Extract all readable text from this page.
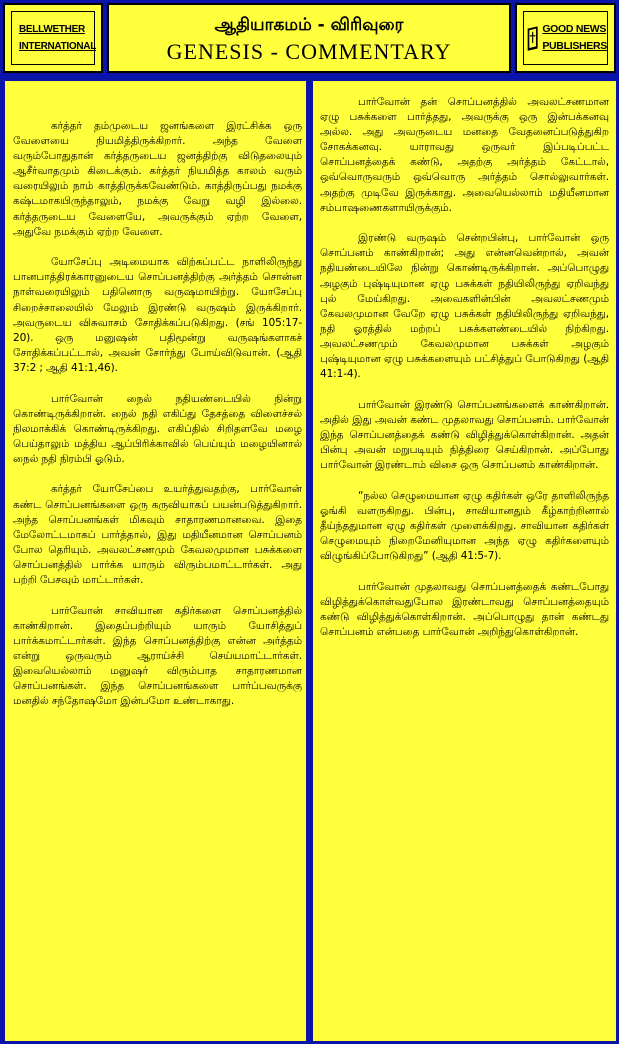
BELLWETHER
INTERNATIONAL
ஆதியாகமம் - விரிவுரை
GENESIS - COMMENTARY
GOOD NEWS
PUBLISHERS

கர்த்தர் தம்முடைய ஜனங்களை இரட்சிக்க ஒரு வேளையை நியமித்திருக்கிறார். அந்த வேளை வரும்போதுதான் கர்த்தருடைய ஜனத்திற்கு விடுதலையும் ஆசீர்வாதமும் கிடைக்கும். கர்த்தர் நியமித்த காலம் வரும் வரையிலும் நாம் காத்திருக்கவேண்டும். காத்திருப்பது நமக்கு கஷ்டமாகயிருந்தாலும், நமக்கு வேறு வழி இல்லை. கர்த்தருடைய வேளையே, அவருக்கும் ஏற்ற வேளை, அதுவே நமக்கும் ஏற்ற வேளை.

யோசேப்பு அடிமையாக விற்கப்பட்ட நாளிலிருந்து பானபாத்திரக்காரனுடைய சொப்பனத்திற்கு அர்த்தம் சொன்ன நாள்வரையிலும் பதினொரு வருஷமாயிற்று. யோசேப்பு சிறைச்சாலையில் மேலும் இரண்டு வருஷம் இருக்கிறார். அவருடைய விசுவாசம் சோதிக்கப்படுகிறது. (சங் 105:17-20). ஒரு மனுஷன் பதிமூன்று வருஷங்களாகச் சோதிக்கப்பட்டால், அவன் சோர்ந்து போய்விடுவான். (ஆதி 37:2 ; ஆதி 41:1,46).

பார்வோன் நைல் நதியண்டையில் நின்று கொண்டிருக்கிறான். நைல் நதி எகிப்து தேசத்தை விளைச்சல் நிலமாக்கிக் கொண்டிருக்கிறது. எகிப்தில் சிறிதளவே மழை பெய்தாலும் மத்திய ஆப்பிரிக்காவில் பெய்யும் மழையினால் நைல் நதி நிரம்பி ஓடும்.

கர்த்தர் யோசேப்பை உயர்த்துவதற்கு, பார்வோன் கண்ட சொப்பனங்களை ஒரு கருவியாகப் பயன்படுத்துகிறார். அந்த சொப்பனங்கள் மிகவும் சாதாரணமானவை. இதை மேலோட்டமாகப் பார்த்தால், இது மதியீனமான சொப்பனம் போல தெரியும். அவலட்சணமும் கேவலமுமான பசுக்களை சொப்பனத்தில் பார்க்க யாரும் விரும்பமாட்டார்கள். அது பற்றி பேசவும் மாட்டார்கள்.

பார்வோன் சாவியான கதிர்களை சொப்பனத்தில் காண்கிறான். இதைப்பற்றியும் யாரும் யோசித்துப் பார்க்கமாட்டார்கள். இந்த சொப்பனத்திற்கு என்ன அர்த்தம் என்று ஒருவரும் ஆராய்ச்சி செய்யமாட்டார்கள். இவையெல்லாம் மனுஷர் விரும்பாத சாதாரணமான சொப்பனங்கள். இந்த சொப்பனங்களை பார்ப்பவருக்கு மனதில் சந்தோஷமோ இன்பமோ உண்டாகாது.

பார்வோன் தன் சொப்பனத்தில் அவலட்சணமான ஏழு பசுக்களை பார்த்தது, அவருக்கு ஒரு இன்பக்கனவு அல்ல. அது அவருடைய மனதை வேதனைப்படுத்துகிற சோகக்கனவு. யாராவது ஒருவர் இப்படிப்பட்ட சொப்பனத்தைக் கண்டு, அதற்கு அர்த்தம் கேட்டால், ஒவ்வொருவரும் ஒவ்வொரு அர்த்தம் சொல்லுவார்கள். அதற்கு முடிவே இருக்காது. அவையெல்லாம் மதியீனமான சம்பாஷணைகளாயிருக்கும்.

இரண்டு வருஷம் சென்றபின்பு, பார்வோன் ஒரு சொப்பனம் காண்கிறான்; அது என்னவென்றால், அவன் நதியண்டையிலே நின்று கொண்டிருக்கிறான். அப்பொழுது அழகும் புஷ்டியுமான ஏழு பசுக்கள் நதியிலிருந்து ஏறிவந்து புல் மேய்கிறது. அவைகளின்பின் அவலட்சணமும் கேவலமுமான வேறே ஏழு பசுக்கள் நதியிலிருந்து ஏறிவந்து, நதி ஓரத்தில் மற்றப் பசுக்களண்டையில் நிற்கிறது. அவலட்சணமும் கேவலமுமான பசுக்கள் அழகும் புஷ்டியுமான ஏழு பசுக்களையும் பட்சித்துப் போடுகிறது (ஆதி 41:1-4).

பார்வோன் இரண்டு சொப்பனங்களைக் காண்கிறான். அதில் இது அவன் கண்ட முதலாவது சொப்பனம். பார்வோன் இந்த சொப்பனத்தைக் கண்டு விழித்துக்கொள்கிறான். அதன் பின்பு அவன் மறுபடியும் நித்திரை செய்கிறான். அப்போது பார்வோன் இரண்டாம் விசை ஒரு சொப்பனம் காண்கிறான்.

“நல்ல செழுமையான ஏழு கதிர்கள் ஒரே தாளிலிருந்த ஓங்கி வளருகிறது. பின்பு, சாவியானதும் கீழ்காற்றினால் தீய்ந்ததுமான ஏழு கதிர்கள் முளைக்கிறது. சாவியான கதிர்கள் செழுமையும் நிறைமேனியுமான அந்த ஏழு கதிர்களையும் விழுங்கிப்போடுகிறது” (ஆதி 41:5-7).

பார்வோன் முதலாவது சொப்பனத்தைக் கண்டபோது விழித்துக்கொள்வதுபோல இரண்டாவது சொப்பனத்தையும் கண்டு விழித்துக்கொள்கிறான். அப்பொழுது தான் கண்டது சொப்பனம் என்பதை பார்வோன் அறிந்துகொள்கிறான்.
